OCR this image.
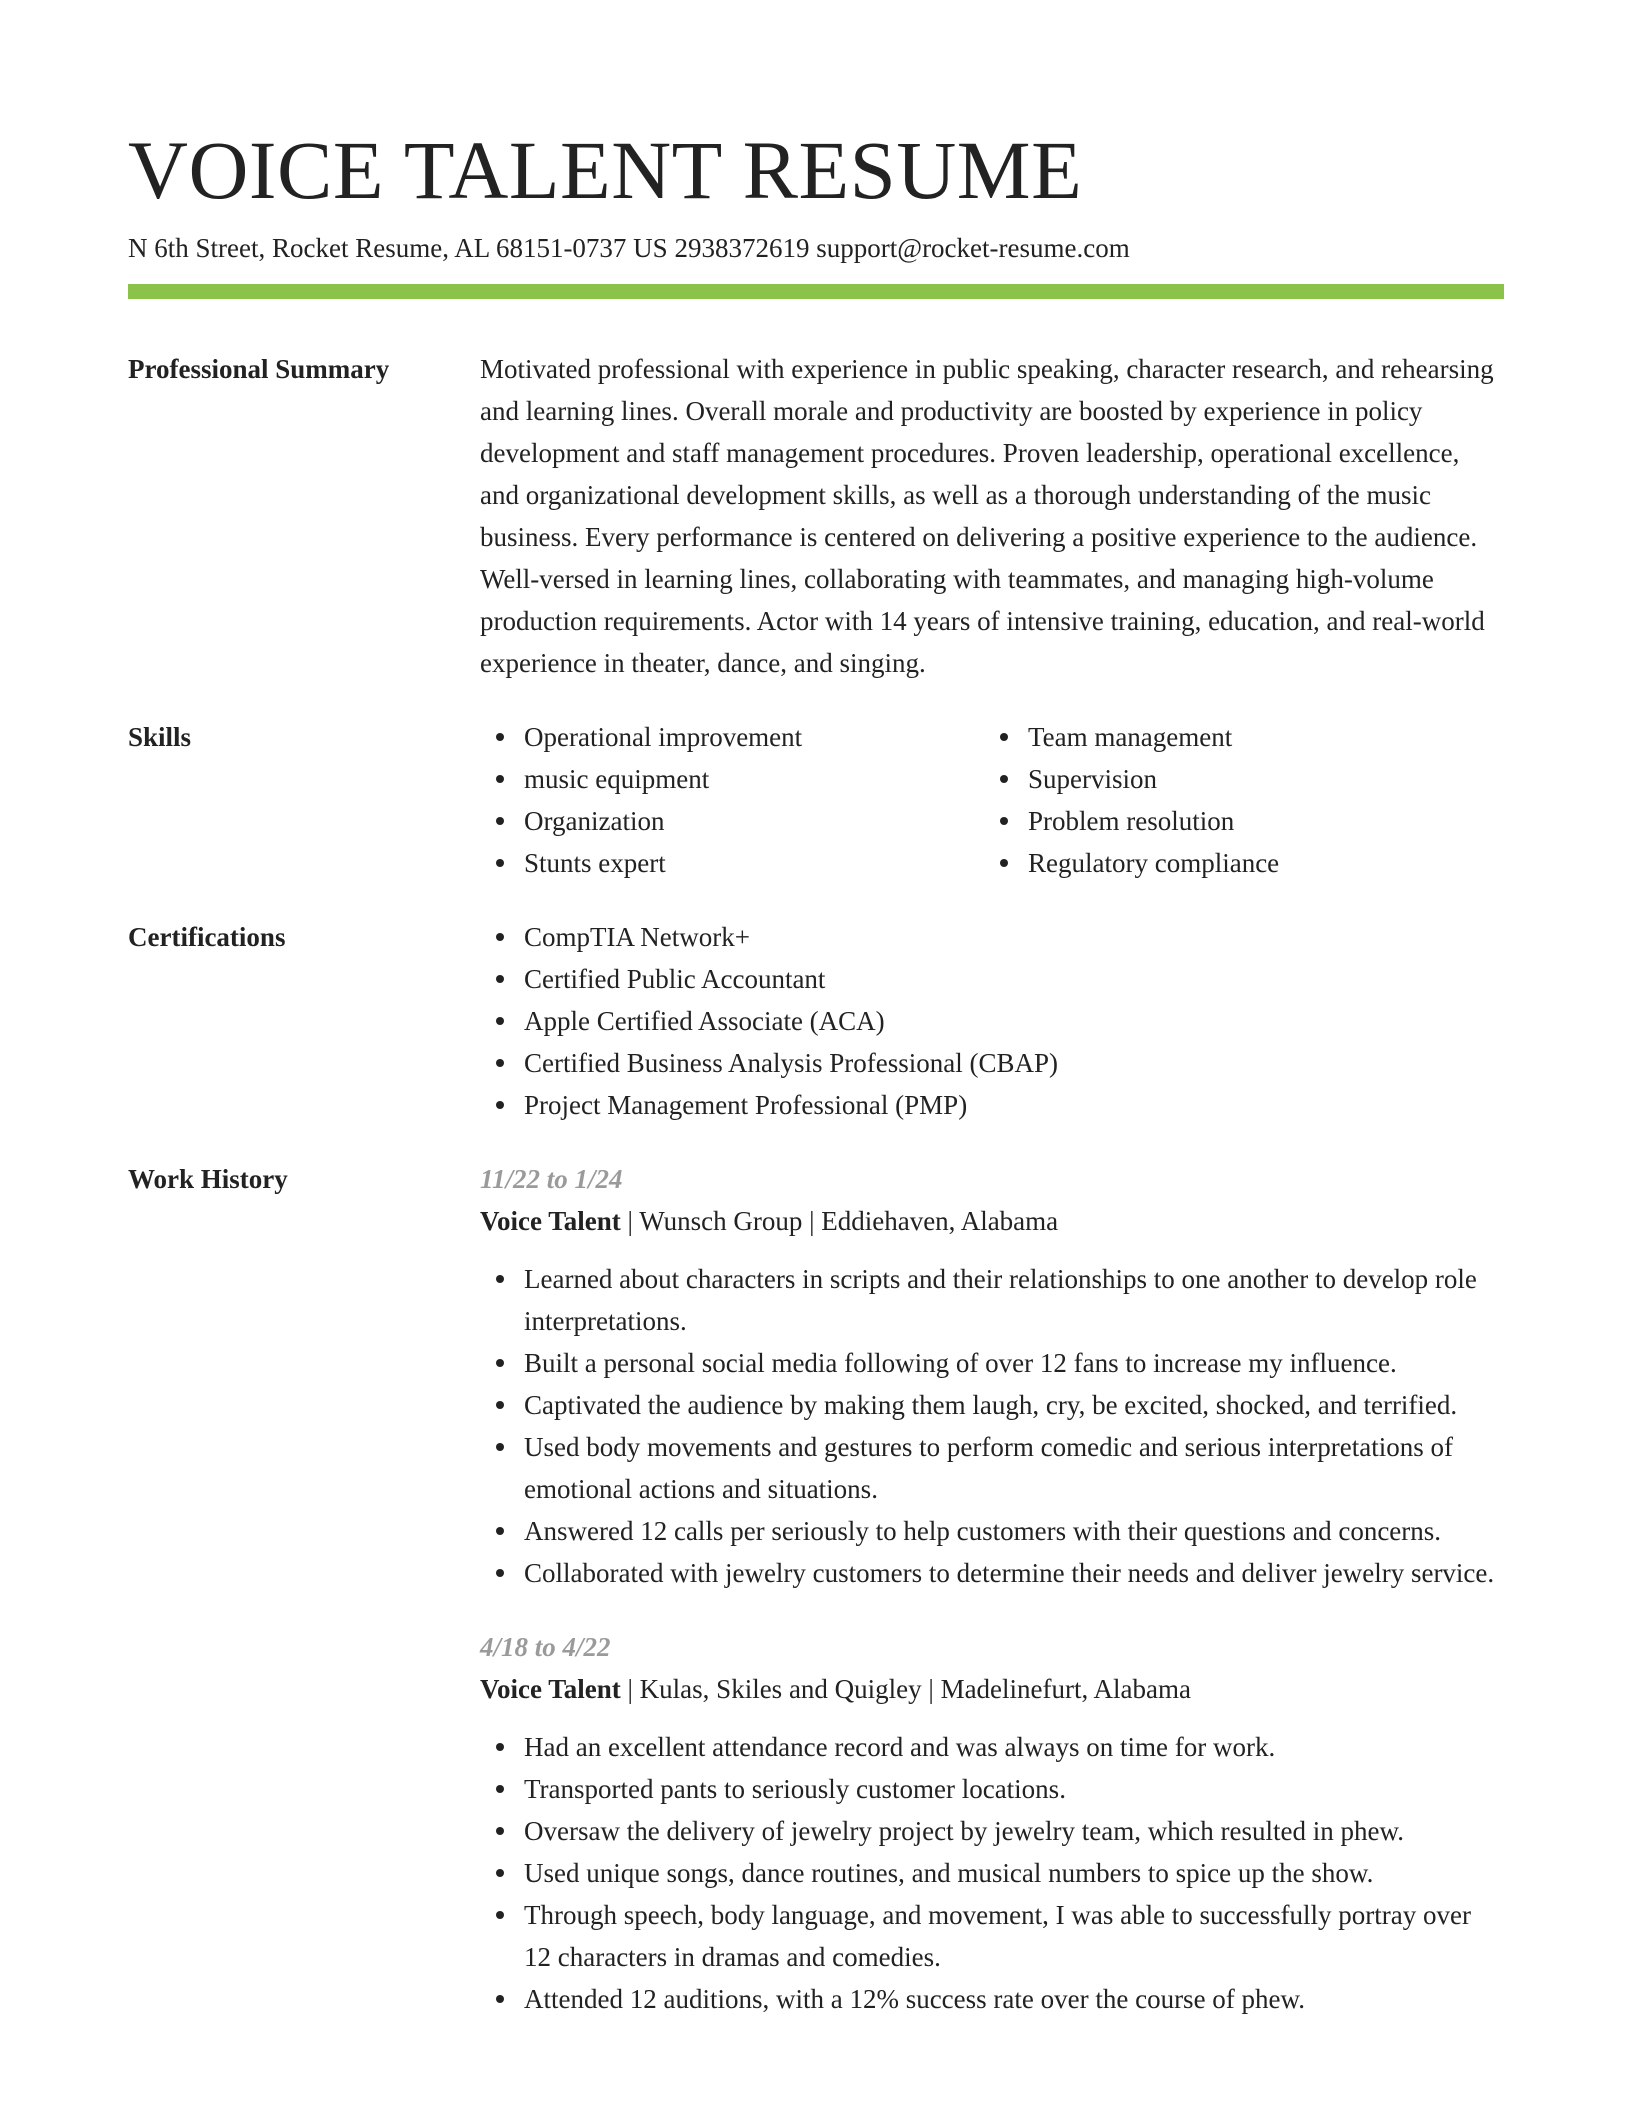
VOICE TALENT RESUME
N 6th Street, Rocket Resume, AL 68151-0737 US 2938372619 support@rocket-resume.com
Professional Summary	Motivated professional with experience in public speaking, character research, and rehearsing and learning lines. Overall morale and productivity are boosted by experience in policy development and staff management procedures. Proven leadership, operational excellence, and organizational development skills, as well as a thorough understanding of the music business. Every performance is centered on delivering a positive experience to the audience. Well-versed in learning lines, collaborating with teammates, and managing high-volume production requirements. Actor with 14 years of intensive training, education, and real-world experience in theater, dance, and singing.
Skills	Operational improvement
music equipment
Organization
Stunts expert
Team management
Supervision
Problem resolution
Regulatory compliance
Certifications	CompTIA Network+
Certified Public Accountant
Apple Certified Associate (ACA)
Certified Business Analysis Professional (CBAP)
Project Management Professional (PMP)
Work History	11/22 to 1/24
Voice Talent | Wunsch Group | Eddiehaven, Alabama
Learned about characters in scripts and their relationships to one another to develop role interpretations.
Built a personal social media following of over 12 fans to increase my influence.
Captivated the audience by making them laugh, cry, be excited, shocked, and terrified.
Used body movements and gestures to perform comedic and serious interpretations of emotional actions and situations.
Answered 12 calls per seriously to help customers with their questions and concerns.
Collaborated with jewelry customers to determine their needs and deliver jewelry service.
4/18 to 4/22
Voice Talent | Kulas, Skiles and Quigley | Madelinefurt, Alabama
Had an excellent attendance record and was always on time for work.
Transported pants to seriously customer locations.
Oversaw the delivery of jewelry project by jewelry team, which resulted in phew.
Used unique songs, dance routines, and musical numbers to spice up the show.
Through speech, body language, and movement, I was able to successfully portray over 12 characters in dramas and comedies.
Attended 12 auditions, with a 12% success rate over the course of phew.
